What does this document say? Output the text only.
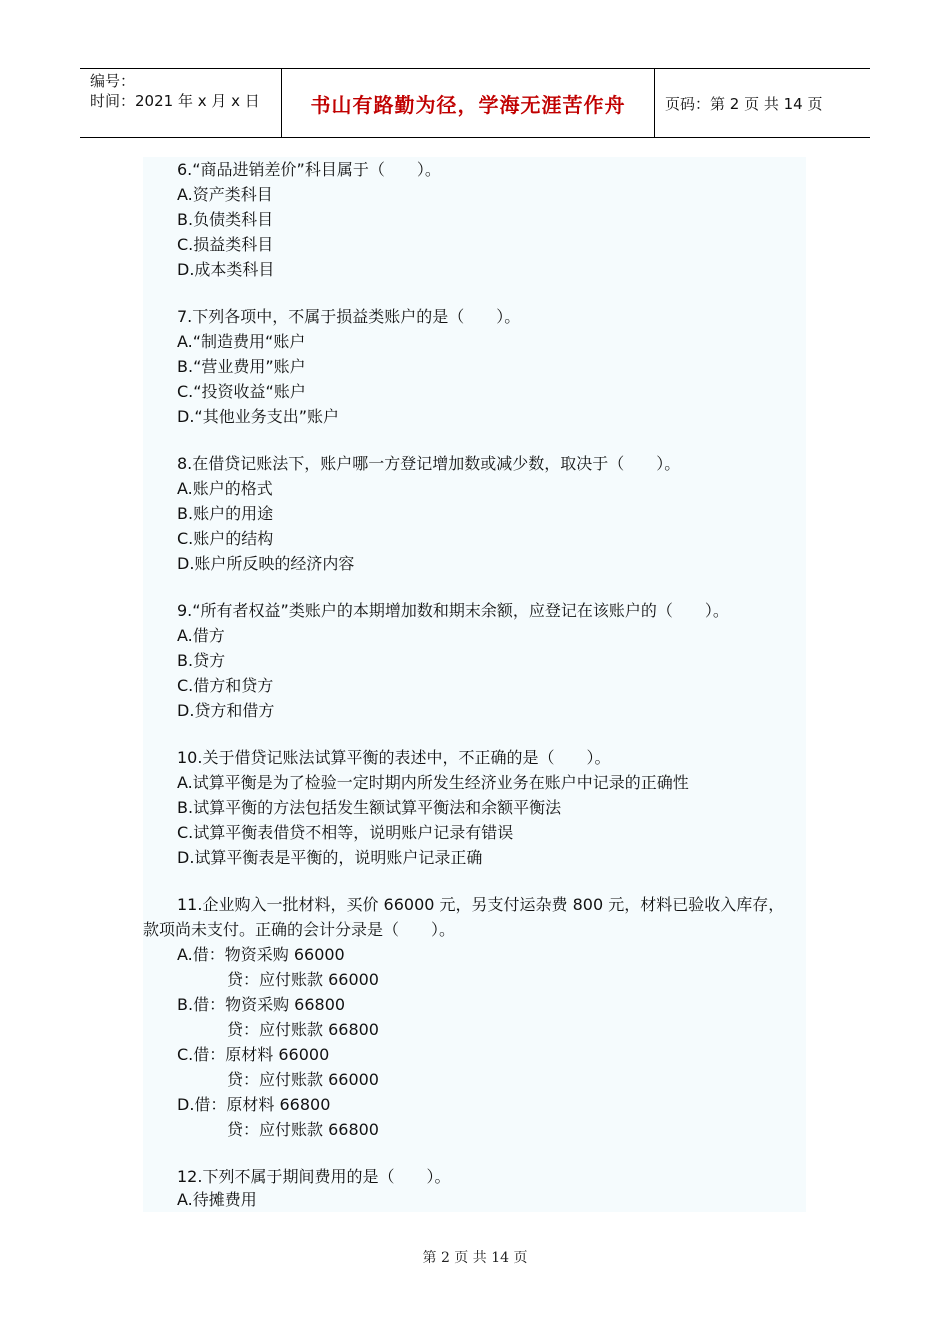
编号：
时间：2021 年 x 月 x 日	书山有路勤为径，学海无涯苦作舟	页码：第 2 页 共 14 页
6.“商品进销差价”科目属于（　　）。
A.资产类科目
B.负债类科目
C.损益类科目
D.成本类科目
7.下列各项中，不属于损益类账户的是（　　）。
A.“制造费用“账户
B.“营业费用”账户
C.“投资收益“账户
D.“其他业务支出”账户
8.在借贷记账法下，账户哪一方登记增加数或减少数，取决于（　　）。
A.账户的格式
B.账户的用途
C.账户的结构
D.账户所反映的经济内容
9.“所有者权益”类账户的本期增加数和期末余额，应登记在该账户的（　　）。
A.借方
B.贷方
C.借方和贷方
D.贷方和借方
10.关于借贷记账法试算平衡的表述中，不正确的是（　　）。
A.试算平衡是为了检验一定时期内所发生经济业务在账户中记录的正确性
B.试算平衡的方法包括发生额试算平衡法和余额平衡法
C.试算平衡表借贷不相等，说明账户记录有错误
D.试算平衡表是平衡的，说明账户记录正确
11.企业购入一批材料，买价 66000 元，另支付运杂费 800 元，材料已验收入库存，
款项尚未支付。正确的会计分录是（　　）。
A.借：物资采购 66000
贷：应付账款 66000
B.借：物资采购 66800
贷：应付账款 66800
C.借：原材料 66000
贷：应付账款 66000
D.借：原材料 66800
贷：应付账款 66800
12.下列不属于期间费用的是（　　）。
A.待摊费用
第 2 页 共 14 页
